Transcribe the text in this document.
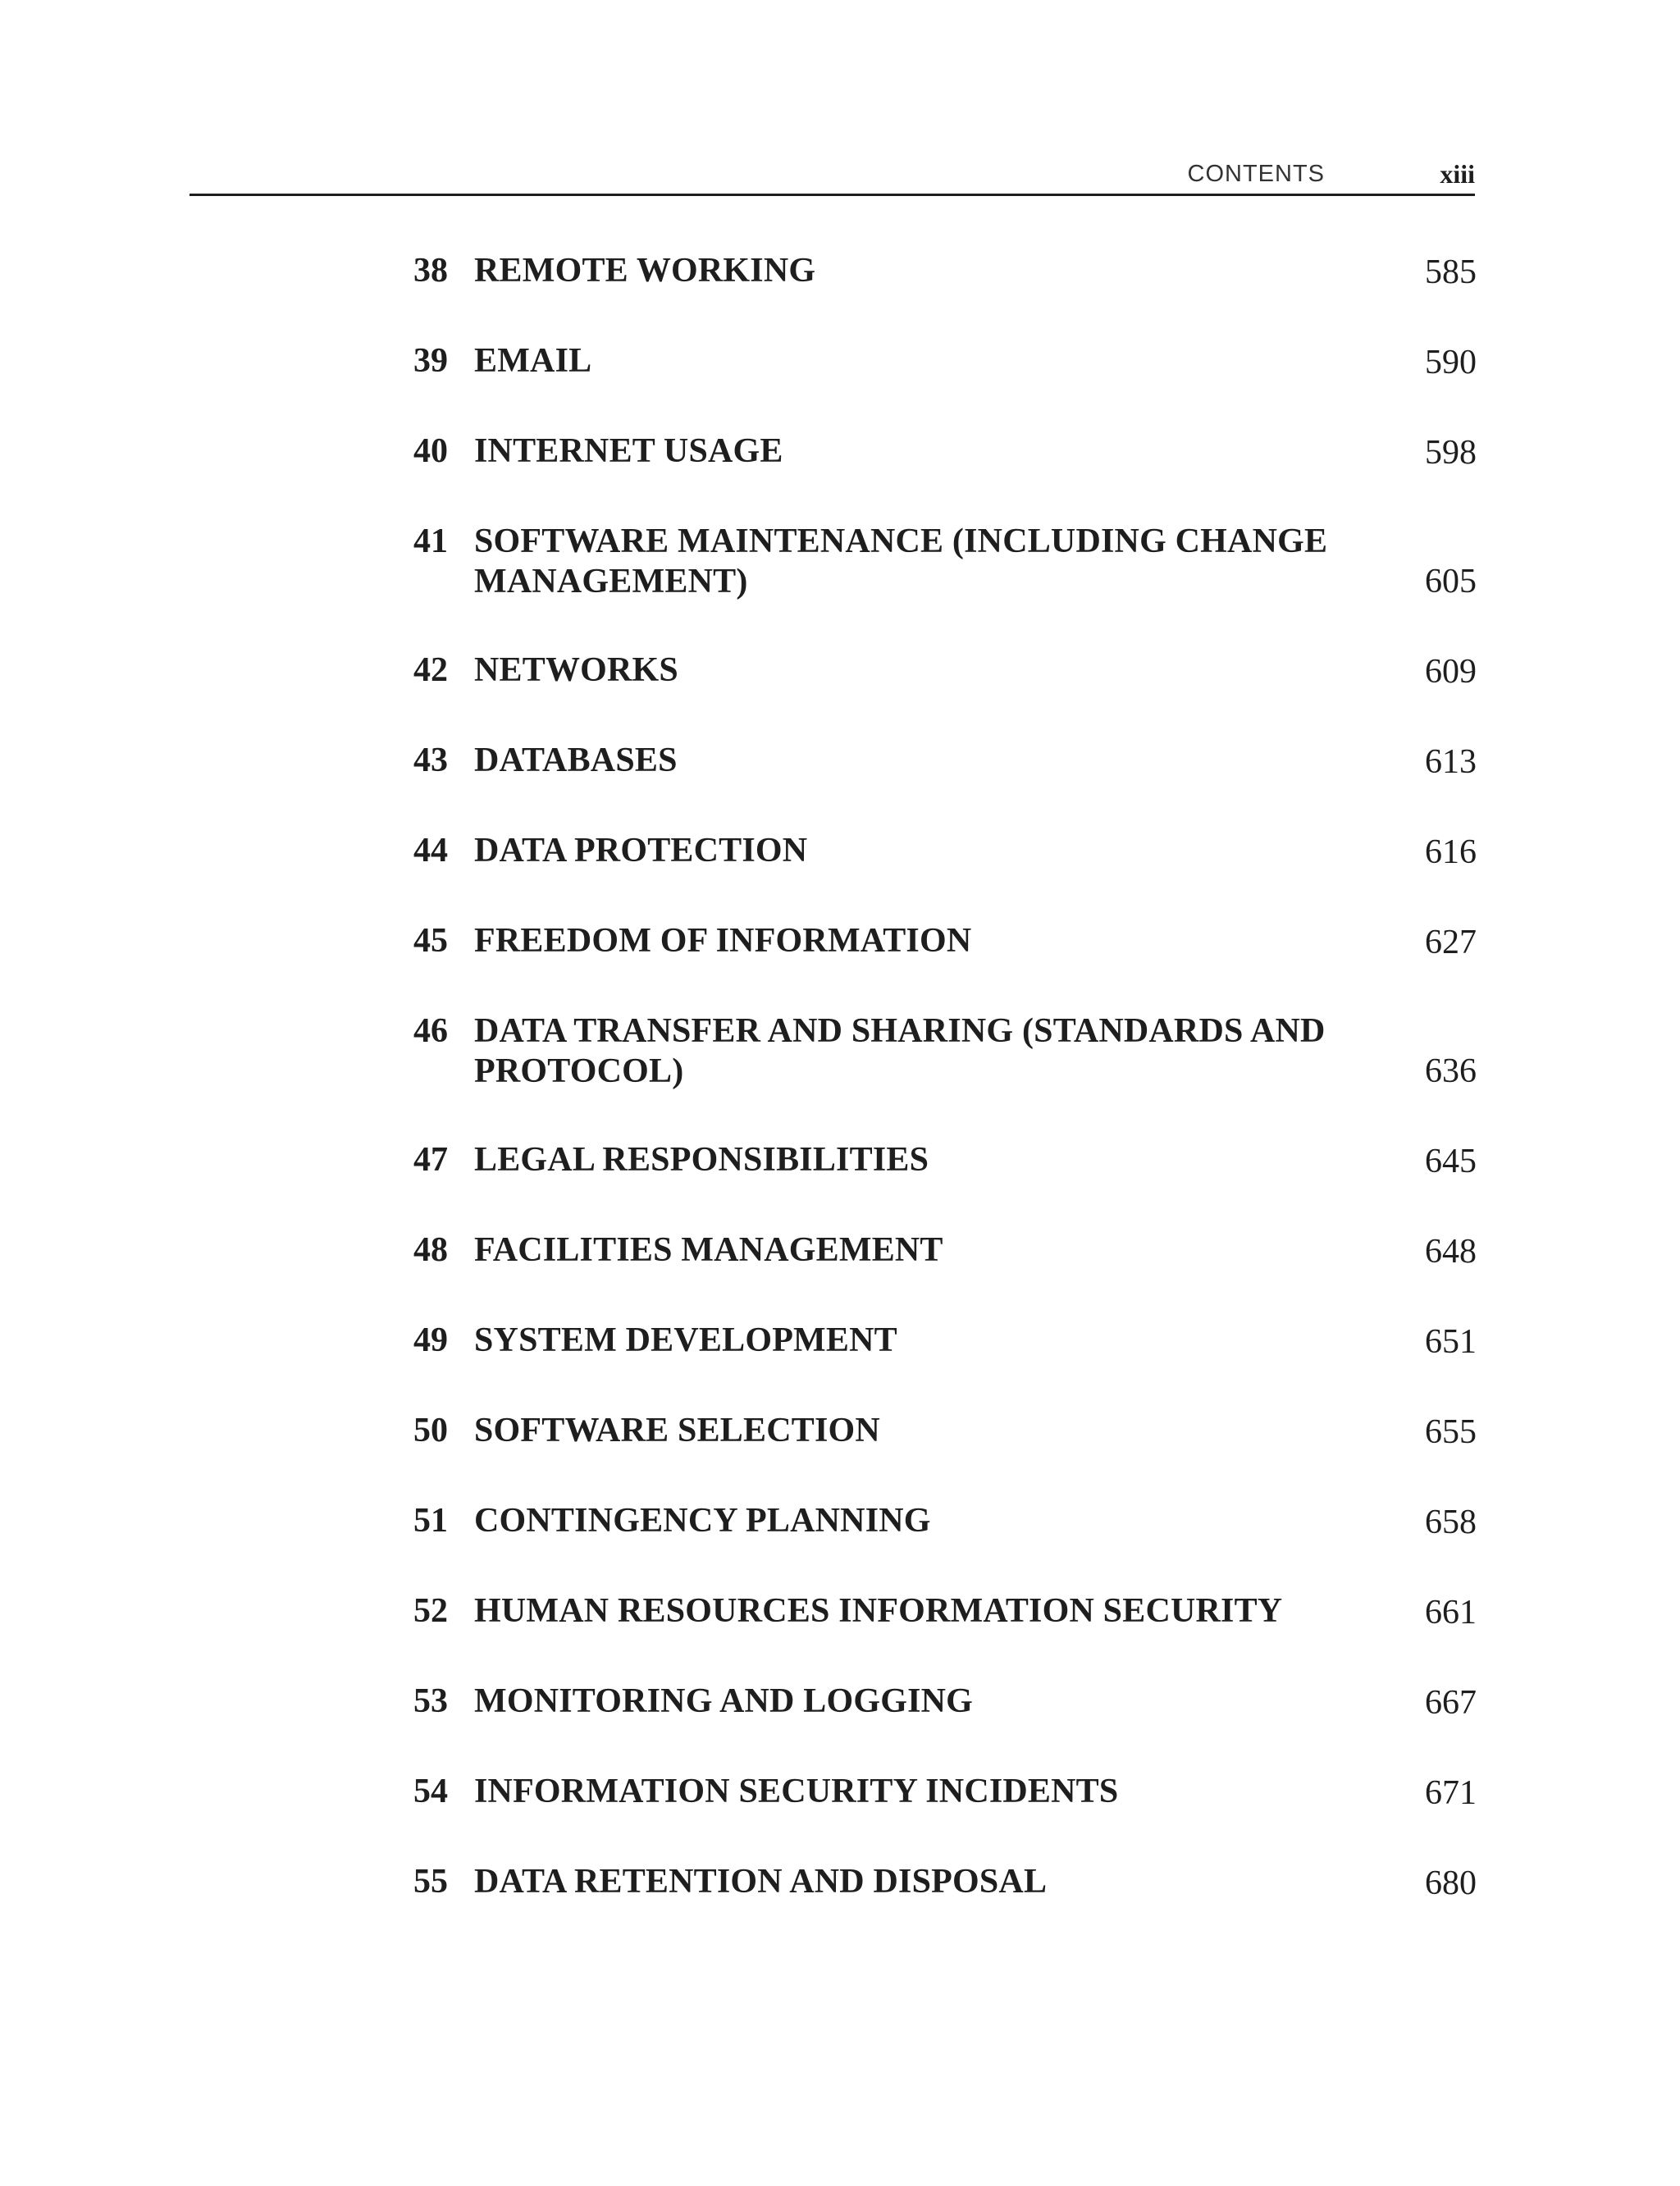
CONTENTS	xiii
38 REMOTE WORKING	585
39 EMAIL	590
40 INTERNET USAGE	598
41 SOFTWARE MAINTENANCE (INCLUDING CHANGE MANAGEMENT)	605
42 NETWORKS	609
43 DATABASES	613
44 DATA PROTECTION	616
45 FREEDOM OF INFORMATION	627
46 DATA TRANSFER AND SHARING (STANDARDS AND PROTOCOL)	636
47 LEGAL RESPONSIBILITIES	645
48 FACILITIES MANAGEMENT	648
49 SYSTEM DEVELOPMENT	651
50 SOFTWARE SELECTION	655
51 CONTINGENCY PLANNING	658
52 HUMAN RESOURCES INFORMATION SECURITY	661
53 MONITORING AND LOGGING	667
54 INFORMATION SECURITY INCIDENTS	671
55 DATA RETENTION AND DISPOSAL	680
